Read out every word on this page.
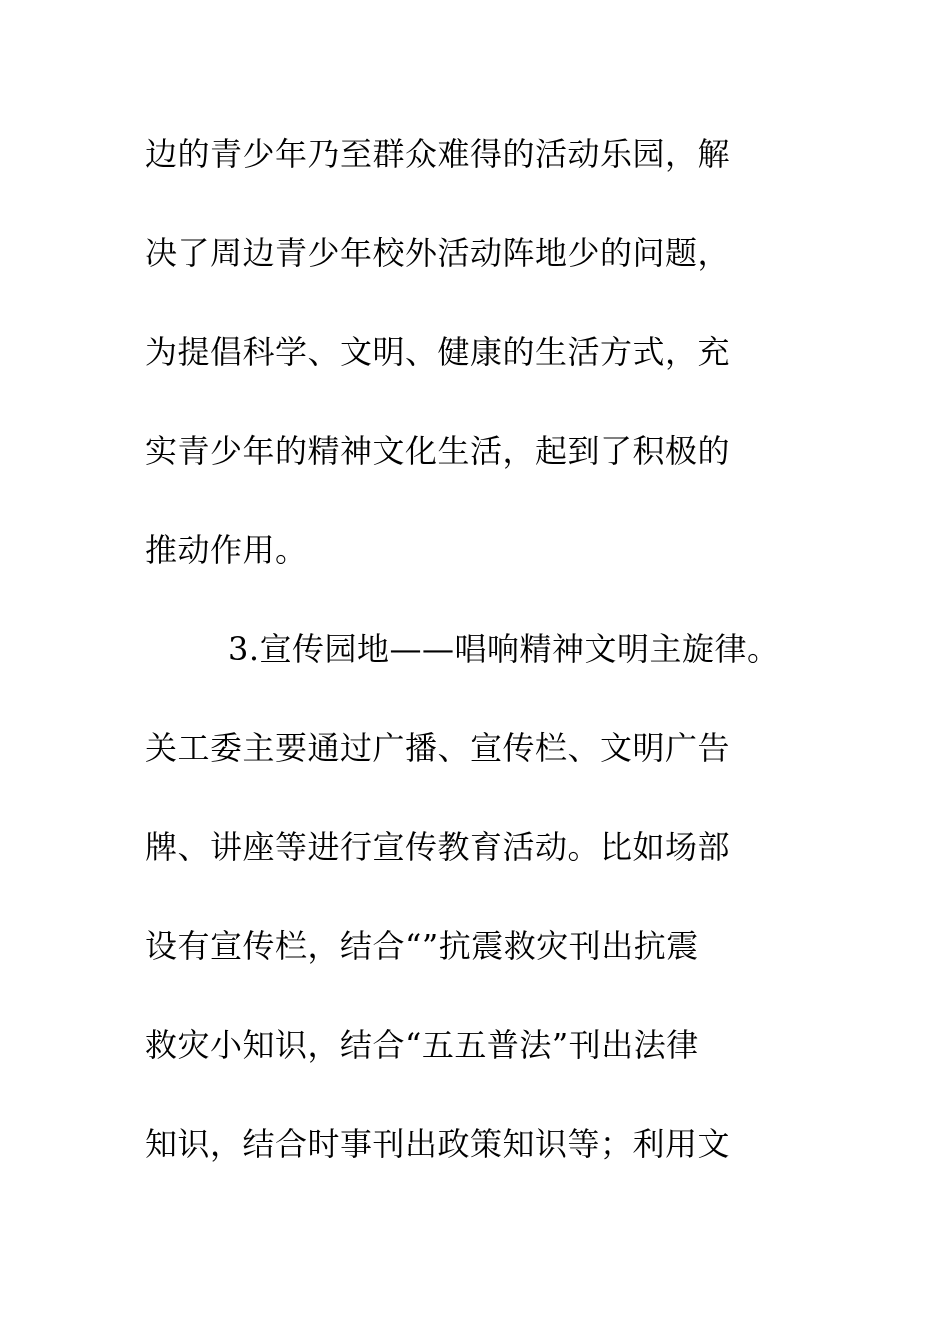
边的青少年乃至群众难得的活动乐园，解
决了周边青少年校外活动阵地少的问题，
为提倡科学、文明、健康的生活方式，充
实青少年的精神文化生活，起到了积极的
推动作用。
3.宣传园地——唱响精神文明主旋律。
关工委主要通过广播、宣传栏、文明广告
牌、讲座等进行宣传教育活动。比如场部
设有宣传栏，结合“”抗震救灾刊出抗震
救灾小知识，结合“五五普法”刊出法律
知识，结合时事刊出政策知识等；利用文
